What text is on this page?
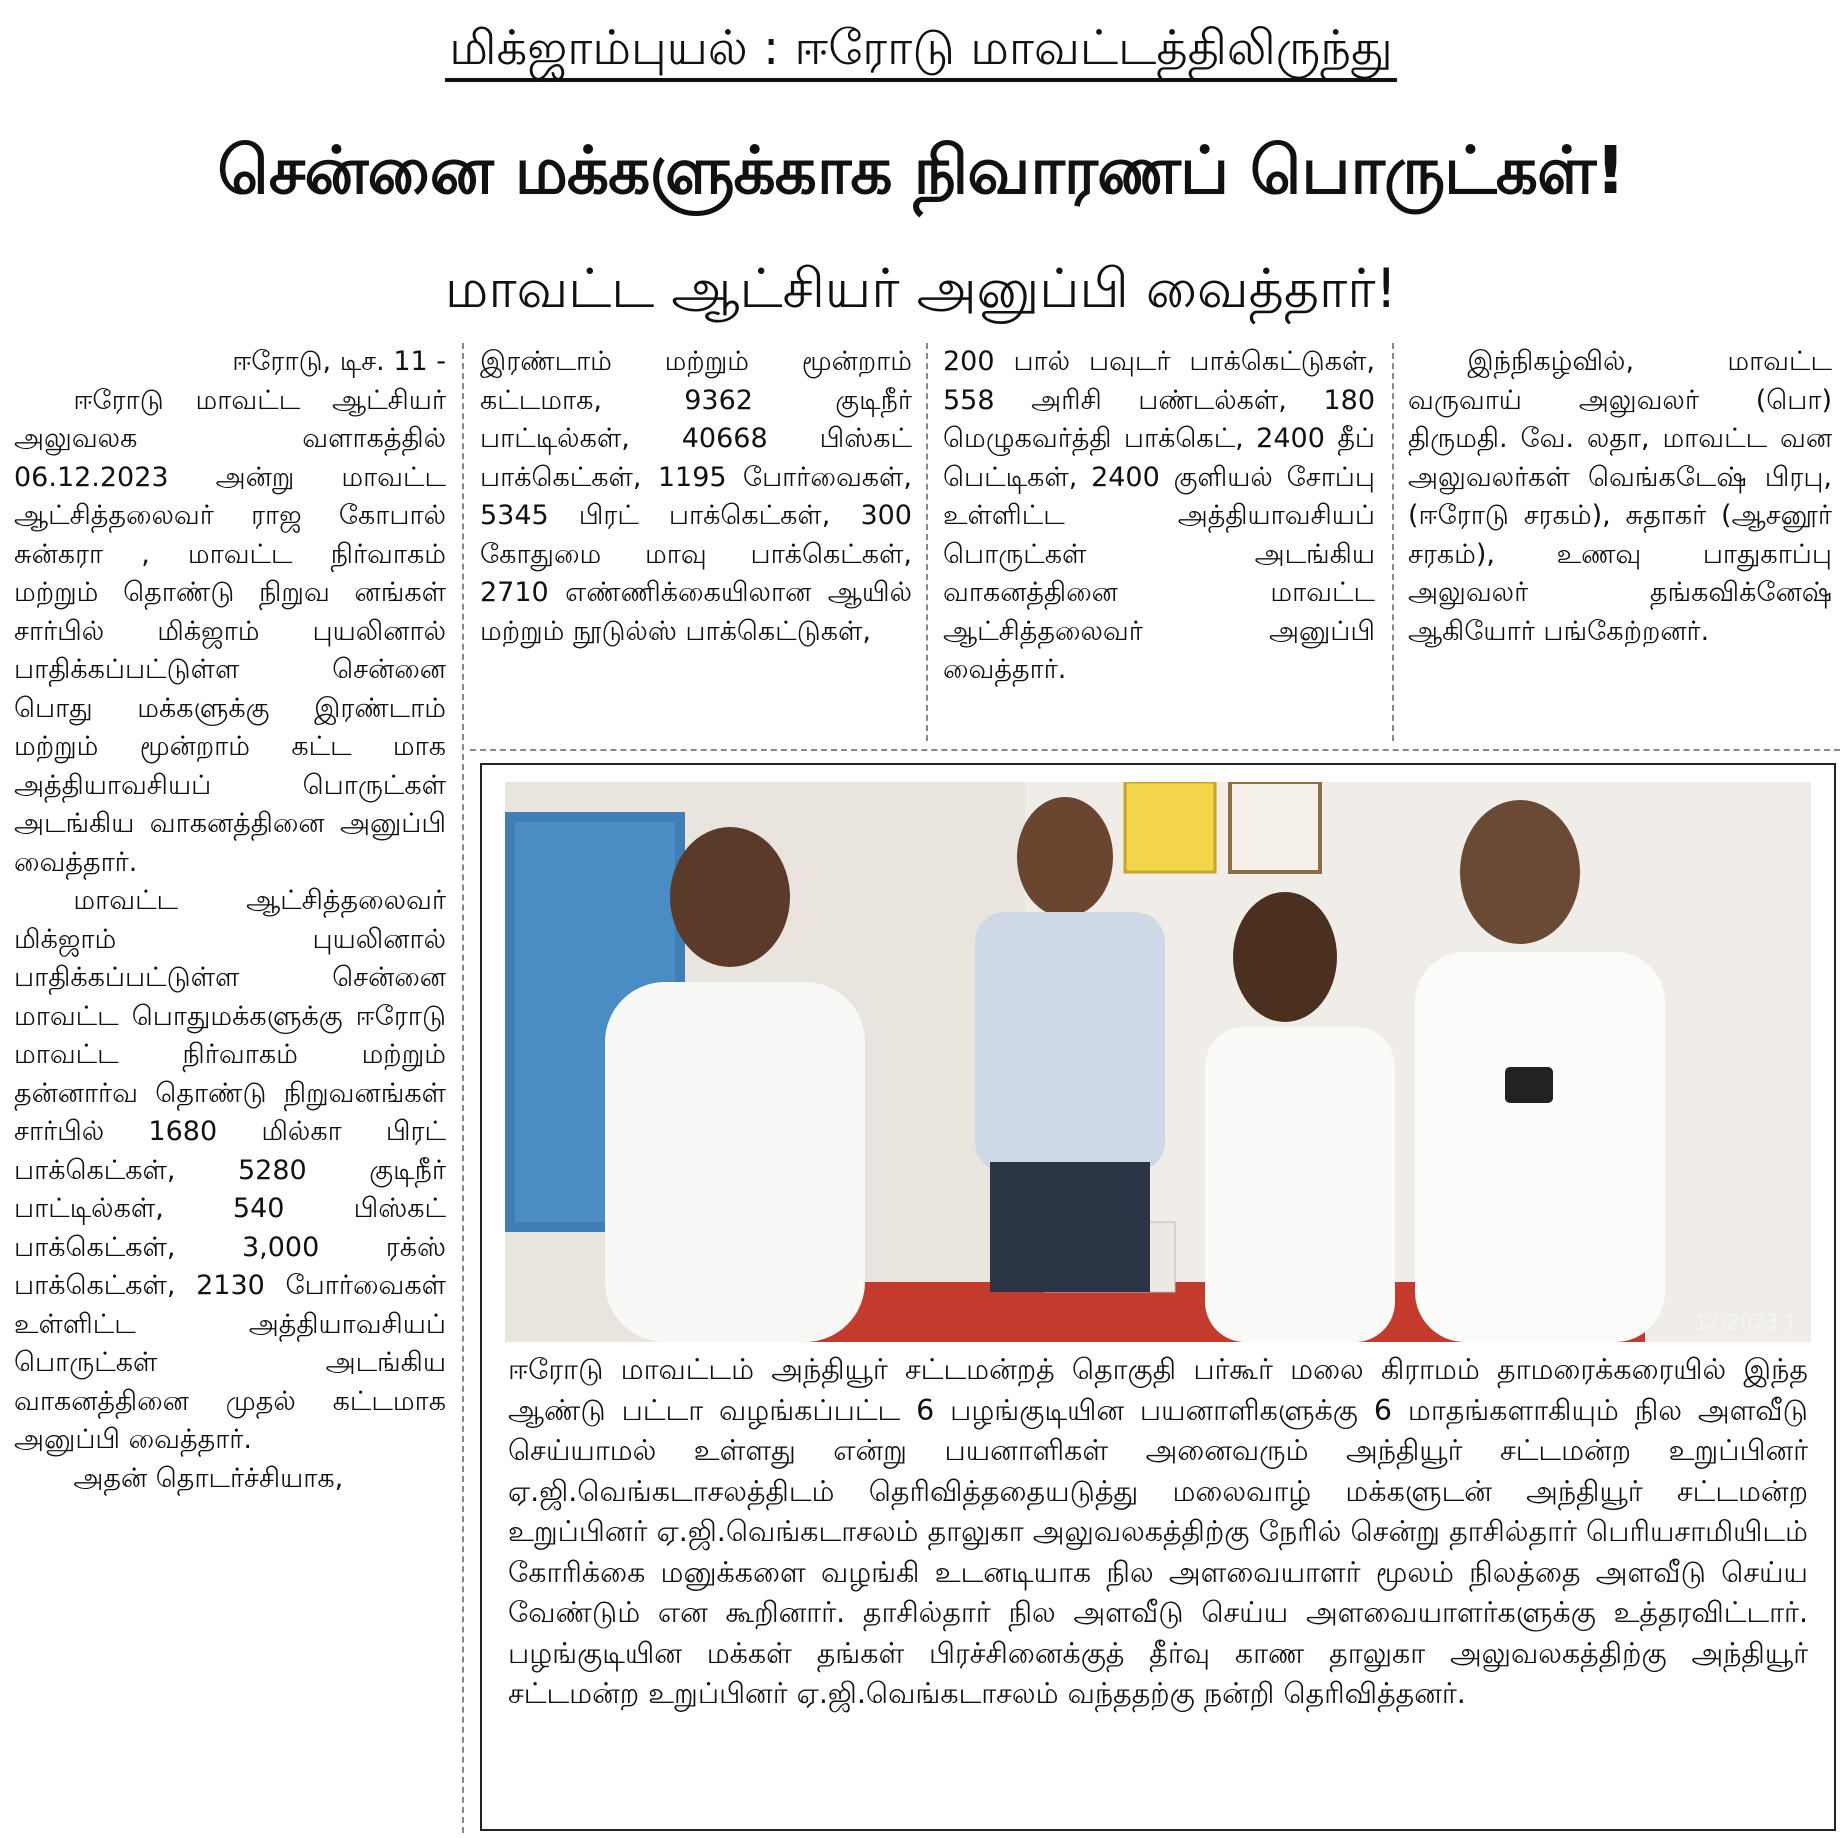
மிக்ஜாம்புயல் : ஈரோடு மாவட்டத்திலிருந்து
சென்னை மக்களுக்காக நிவாரணப் பொருட்கள்!
மாவட்ட ஆட்சியர் அனுப்பி வைத்தார்!

ஈரோடு, டிச. 11 -

ஈரோடு மாவட்ட ஆட்சியர் அலுவலக வளாகத்தில் 06.12.2023 அன்று மாவட்ட ஆட்சித்தலைவர் ராஜ கோபால் சுன்கரா , மாவட்ட நிர்வாகம் மற்றும் தொண்டு நிறுவ னங்கள் சார்பில் மிக்ஜாம் புயலினால் பாதிக்கப்பட்டுள்ள சென்னை பொது மக்களுக்கு இரண்டாம் மற்றும் மூன்றாம் கட்ட மாக அத்தியாவசியப் பொருட்கள் அடங்கிய வாகனத்தினை அனுப்பி வைத்தார்.

மாவட்ட ஆட்சித்தலைவர் மிக்ஜாம் புயலினால் பாதிக்கப்பட்டுள்ள சென்னை மாவட்ட பொதுமக்களுக்கு ஈரோடு மாவட்ட நிர்வாகம் மற்றும் தன்னார்வ தொண்டு நிறுவனங்கள் சார்பில் 1680 மில்கா பிரட் பாக்கெட்கள், 5280 குடிநீர் பாட்டில்கள், 540 பிஸ்கட் பாக்கெட்கள், 3,000 ரக்ஸ் பாக்கெட்கள், 2130 போர்வைகள் உள்ளிட்ட அத்தியாவசியப் பொருட்கள் அடங்கிய வாகனத்தினை முதல் கட்டமாக அனுப்பி வைத்தார்.

அதன் தொடர்ச்சியாக,

இரண்டாம் மற்றும் மூன்றாம் கட்டமாக, 9362 குடிநீர் பாட்டில்கள், 40668 பிஸ்கட் பாக்கெட்கள், 1195 போர்வைகள், 5345 பிரட் பாக்கெட்கள், 300 கோதுமை மாவு பாக்கெட்கள், 2710 எண்ணிக்கையிலான ஆயில் மற்றும் நூடுல்ஸ் பாக்கெட்டுகள்,

200 பால் பவுடர் பாக்கெட்டுகள், 558 அரிசி பண்டல்கள், 180 மெழுகவர்த்தி பாக்கெட், 2400 தீப் பெட்டிகள், 2400 குளியல் சோப்பு உள்ளிட்ட அத்தியாவசியப் பொருட்கள் அடங்கிய வாகனத்தினை மாவட்ட ஆட்சித்தலைவர் அனுப்பி வைத்தார்.

இந்நிகழ்வில், மாவட்ட வருவாய் அலுவலர் (பொ) திருமதி. வே. லதா, மாவட்ட வன அலுவலர்கள் வெங்கடேஷ் பிரபு, (ஈரோடு சரகம்), சுதாகர் (ஆசனூர் சரகம்), உணவு பாதுகாப்பு அலுவலர் தங்கவிக்னேஷ் ஆகியோர் பங்கேற்றனர்.

12/2023 1

ஈரோடு மாவட்டம் அந்தியூர் சட்டமன்றத் தொகுதி பர்கூர் மலை கிராமம் தாமரைக்கரையில் இந்த ஆண்டு பட்டா வழங்கப்பட்ட 6 பழங்குடியின பயனாளிகளுக்கு 6 மாதங்களாகியும் நில அளவீடு செய்யாமல் உள்ளது என்று பயனாளிகள் அனைவரும் அந்தியூர் சட்டமன்ற உறுப்பினர் ஏ.ஜி.வெங்கடாசலத்திடம் தெரிவித்ததையடுத்து மலைவாழ் மக்களுடன் அந்தியூர் சட்டமன்ற உறுப்பினர் ஏ.ஜி.வெங்கடாசலம் தாலுகா அலுவலகத்திற்கு நேரில் சென்று தாசில்தார் பெரியசாமியிடம் கோரிக்கை மனுக்களை வழங்கி உடனடியாக நில அளவையாளர் மூலம் நிலத்தை அளவீடு செய்ய வேண்டும் என கூறினார். தாசில்தார் நில அளவீடு செய்ய அளவையாளர்களுக்கு உத்தரவிட்டார். பழங்குடியின மக்கள் தங்கள் பிரச்சினைக்குத் தீர்வு காண தாலுகா அலுவலகத்திற்கு அந்தியூர் சட்டமன்ற உறுப்பினர் ஏ.ஜி.வெங்கடாசலம் வந்ததற்கு நன்றி தெரிவித்தனர்.
